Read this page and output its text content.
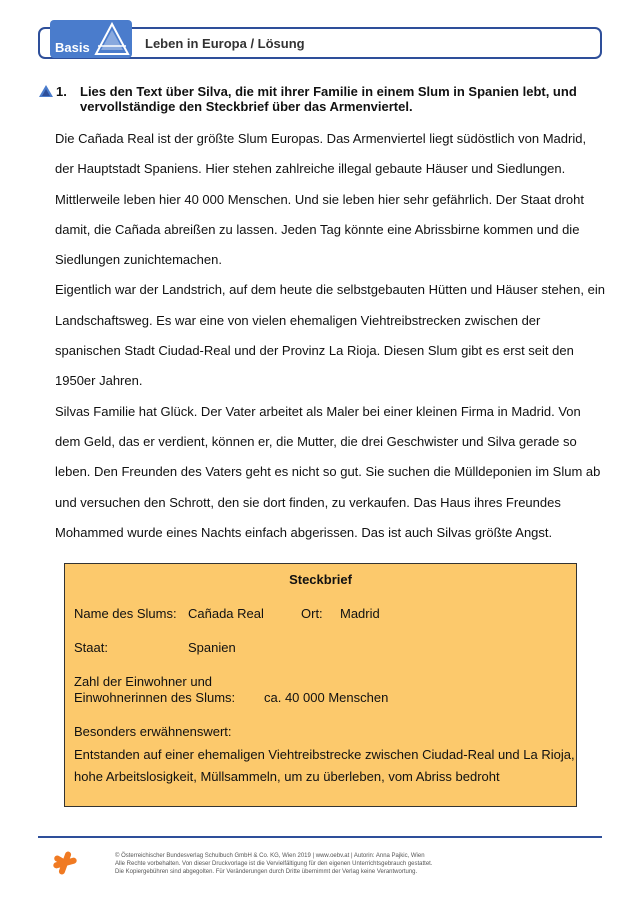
Basis	Leben in Europa / Lösung
1. Lies den Text über Silva, die mit ihrer Familie in einem Slum in Spanien lebt, und
vervollständige den Steckbrief über das Armenviertel.
Die Cañada Real ist der größte Slum Europas. Das Armenviertel liegt südöstlich von Madrid,
der Hauptstadt Spaniens. Hier stehen zahlreiche illegal gebaute Häuser und Siedlungen.
Mittlerweile leben hier 40 000 Menschen. Und sie leben hier sehr gefährlich. Der Staat droht
damit, die Cañada abreißen zu lassen. Jeden Tag könnte eine Abrissbirne kommen und die
Siedlungen zunichtemachen.
Eigentlich war der Landstrich, auf dem heute die selbstgebauten Hütten und Häuser stehen, ein
Landschaftsweg. Es war eine von vielen ehemaligen Viehtreibstrecken zwischen der
spanischen Stadt Ciudad-Real und der Provinz La Rioja. Diesen Slum gibt es erst seit den
1950er Jahren.
Silvas Familie hat Glück. Der Vater arbeitet als Maler bei einer kleinen Firma in Madrid. Von
dem Geld, das er verdient, können er, die Mutter, die drei Geschwister und Silva gerade so
leben. Den Freunden des Vaters geht es nicht so gut. Sie suchen die Mülldeponien im Slum ab
und versuchen den Schrott, den sie dort finden, zu verkaufen. Das Haus ihres Freundes
Mohammed wurde eines Nachts einfach abgerissen. Das ist auch Silvas größte Angst.
Steckbrief
Name des Slums: Cañada Real	Ort: Madrid
Staat:	Spanien
Zahl der Einwohner und
Einwohnerinnen des Slums: ca. 40 000 Menschen
Besonders erwähnenswert:
Entstanden auf einer ehemaligen Viehtreibstrecke zwischen Ciudad-Real und La Rioja,
hohe Arbeitslosigkeit, Müllsammeln, um zu überleben, vom Abriss bedroht
© Österreichischer Bundesverlag Schulbuch GmbH & Co. KG, Wien 2019 | www.oebv.at | Autorin: Anna Pajkic, Wien
Alle Rechte vorbehalten. Von dieser Druckvorlage ist die Vervielfältigung für den eigenen Unterrichtsgebrauch gestattet.
Die Kopiergebühren sind abgegolten. Für Veränderungen durch Dritte übernimmt der Verlag keine Verantwortung.
